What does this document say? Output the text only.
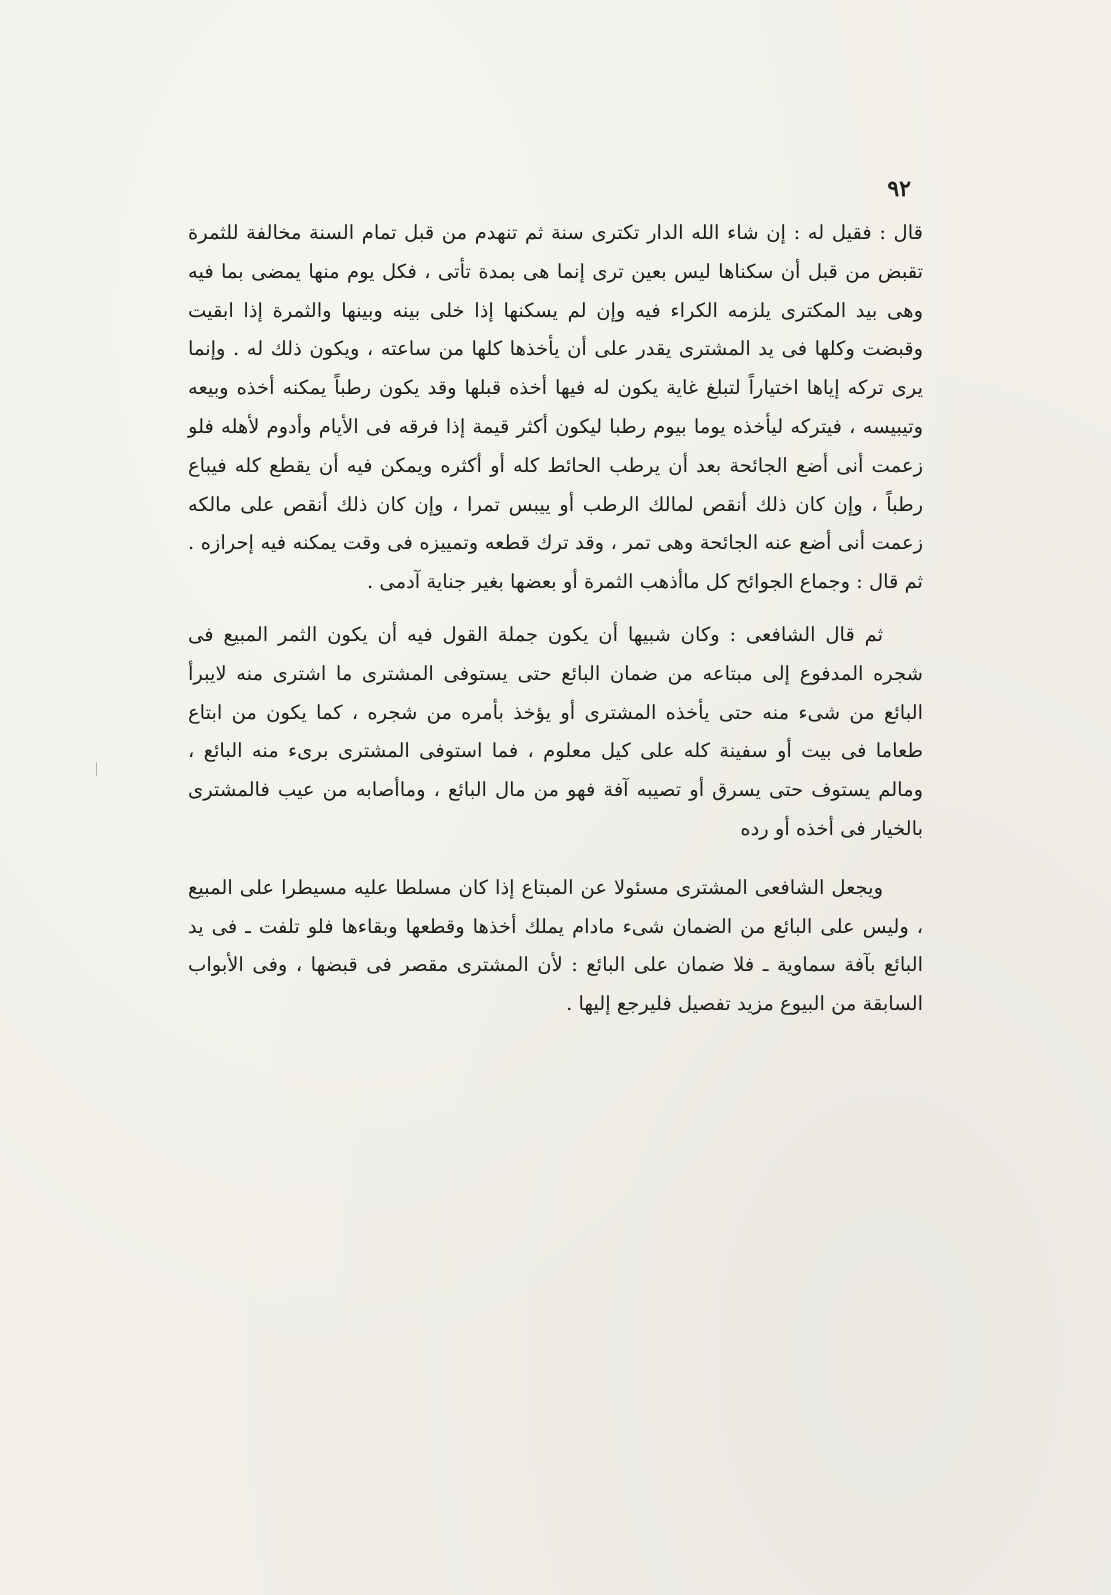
٩٢

قال : فقيل له : إن شاء الله الدار تكترى سنة ثم تنهدم من قبل تمام السنة مخالفة للثمرة تقبض من قبل أن سكناها ليس بعين ترى إنما هى بمدة تأتى ، فكل يوم منها يمضى بما فيه وهى بيد المكترى يلزمه الكراء فيه وإن لم يسكنها إذا خلى بينه وبينها والثمرة إذا ابقيت وقبضت وكلها فى يد المشترى يقدر على أن يأخذها كلها من ساعته ، ويكون ذلك له . وإنما يرى تركه إياها اختياراً لتبلغ غاية يكون له فيها أخذه قبلها وقد يكون رطباً يمكنه أخذه وبيعه وتيبيسه ، فيتركه ليأخذه يوما بيوم رطبا ليكون أكثر قيمة إذا فرقه فى الأيام وأدوم لأهله فلو زعمت أنى أضع الجائحة بعد أن يرطب الحائط كله أو أكثره ويمكن فيه أن يقطع كله فيباع رطباً ، وإن كان ذلك أنقص لمالك الرطب أو ييبس تمرا ، وإن كان ذلك أنقص على مالكه زعمت أنى أضع عنه الجائحة وهى تمر ، وقد ترك قطعه وتمييزه فى وقت يمكنه فيه إحرازه . ثم قال : وجماع الجوائح كل ماأذهب الثمرة أو بعضها بغير جناية آدمى .

ثم قال الشافعى : وكان شبيها أن يكون جملة القول فيه أن يكون الثمر المبيع فى شجره المدفوع إلى مبتاعه من ضمان البائع حتى يستوفى المشترى ما اشترى منه لايبرأ البائع من شىء منه حتى يأخذه المشترى أو يؤخذ بأمره من شجره ، كما يكون من ابتاع طعاما فى بيت أو سفينة كله على كيل معلوم ، فما استوفى المشترى برىء منه البائع ، ومالم يستوف حتى يسرق أو تصيبه آفة فهو من مال البائع ، وماأصابه من عيب فالمشترى بالخيار فى أخذه أو رده

ويجعل الشافعى المشترى مسئولا عن المبتاع إذا كان مسلطا عليه مسيطرا على المبيع ، وليس على البائع من الضمان شىء مادام يملك أخذها وقطعها وبقاءها فلو تلفت ـ فى يد البائع بآفة سماوية ـ فلا ضمان على البائع : لأن المشترى مقصر فى قبضها ، وفى الأبواب السابقة من البيوع مزيد تفصيل فليرجع إليها .
